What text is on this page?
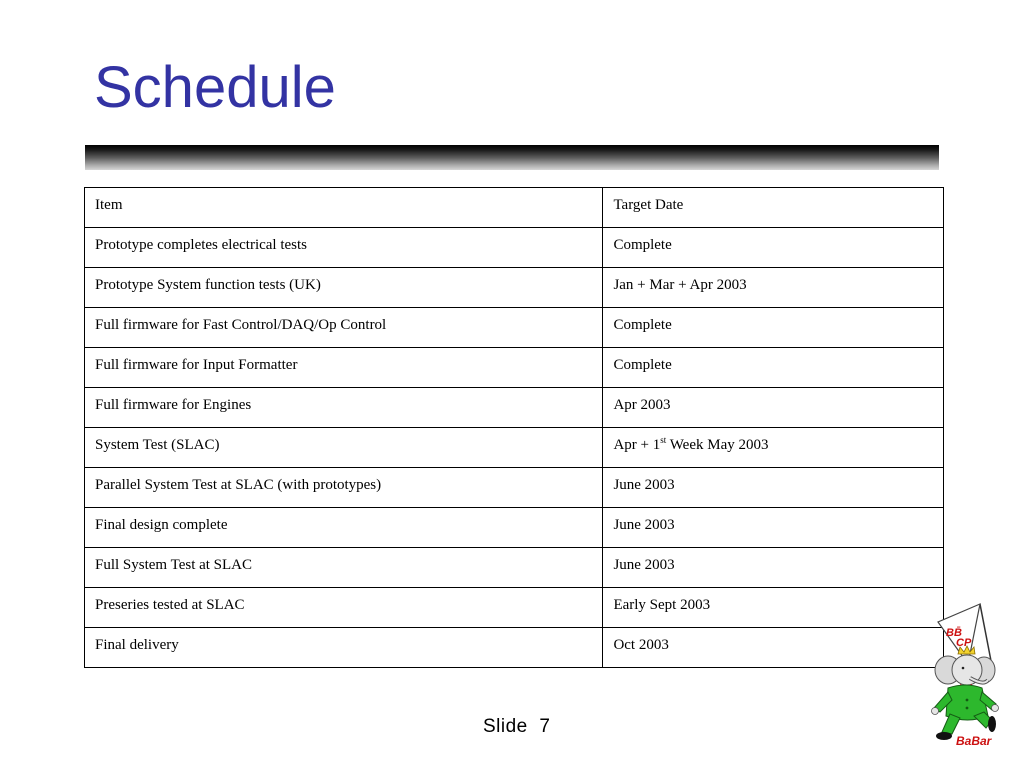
Schedule
Item	Target Date

Prototype completes electrical tests	Complete

Prototype System function tests (UK)	Jan + Mar + Apr 2003

Full firmware for Fast Control/DAQ/Op Control	Complete

Full firmware for Input Formatter	Complete

Full firmware for Engines	Apr 2003

System Test (SLAC)	Apr + 1st Week May 2003

Parallel System Test at SLAC (with prototypes)	June 2003

Final design complete	June 2003

Full System Test at SLAC	June 2003

Preseries tested at SLAC	Early Sept 2003

Final delivery	Oct 2003
Slide 7
BB̄
CP
BaBar
